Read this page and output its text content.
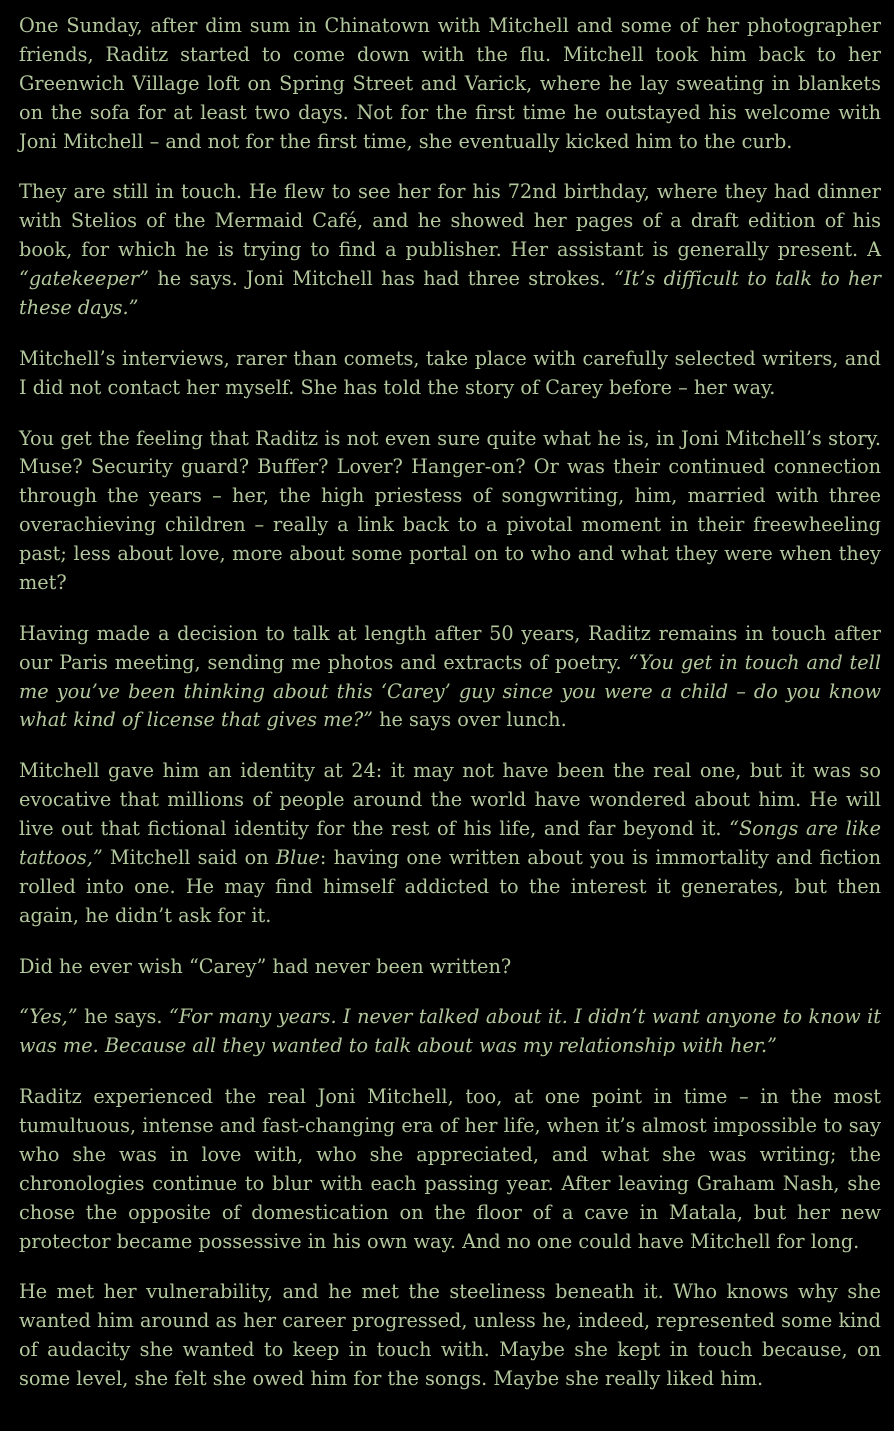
One Sunday, after dim sum in Chinatown with Mitchell and some of her photographer friends, Raditz started to come down with the flu. Mitchell took him back to her Greenwich Village loft on Spring Street and Varick, where he lay sweating in blankets on the sofa for at least two days. Not for the first time he outstayed his welcome with Joni Mitchell – and not for the first time, she eventually kicked him to the curb.

They are still in touch. He flew to see her for his 72nd birthday, where they had dinner with Stelios of the Mermaid Café, and he showed her pages of a draft edition of his book, for which he is trying to find a publisher. Her assistant is generally present. A “gatekeeper” he says. Joni Mitchell has had three strokes. “It’s difficult to talk to her these days.”

Mitchell’s interviews, rarer than comets, take place with carefully selected writers, and I did not contact her myself. She has told the story of Carey before – her way.

You get the feeling that Raditz is not even sure quite what he is, in Joni Mitchell’s story. Muse? Security guard? Buffer? Lover? Hanger-on? Or was their continued connection through the years – her, the high priestess of songwriting, him, married with three overachieving children – really a link back to a pivotal moment in their freewheeling past; less about love, more about some portal on to who and what they were when they met?

Having made a decision to talk at length after 50 years, Raditz remains in touch after our Paris meeting, sending me photos and extracts of poetry. “You get in touch and tell me you’ve been thinking about this ‘Carey’ guy since you were a child – do you know what kind of license that gives me?” he says over lunch.

Mitchell gave him an identity at 24: it may not have been the real one, but it was so evocative that millions of people around the world have wondered about him. He will live out that fictional identity for the rest of his life, and far beyond it. “Songs are like tattoos,” Mitchell said on Blue: having one written about you is immortality and fiction rolled into one. He may find himself addicted to the interest it generates, but then again, he didn’t ask for it.

Did he ever wish “Carey” had never been written?

“Yes,” he says. “For many years. I never talked about it. I didn’t want anyone to know it was me. Because all they wanted to talk about was my relationship with her.”

Raditz experienced the real Joni Mitchell, too, at one point in time – in the most tumultuous, intense and fast-changing era of her life, when it’s almost impossible to say who she was in love with, who she appreciated, and what she was writing; the chronologies continue to blur with each passing year. After leaving Graham Nash, she chose the opposite of domestication on the floor of a cave in Matala, but her new protector became possessive in his own way. And no one could have Mitchell for long.

He met her vulnerability, and he met the steeliness beneath it. Who knows why she wanted him around as her career progressed, unless he, indeed, represented some kind of audacity she wanted to keep in touch with. Maybe she kept in touch because, on some level, she felt she owed him for the songs. Maybe she really liked him.
